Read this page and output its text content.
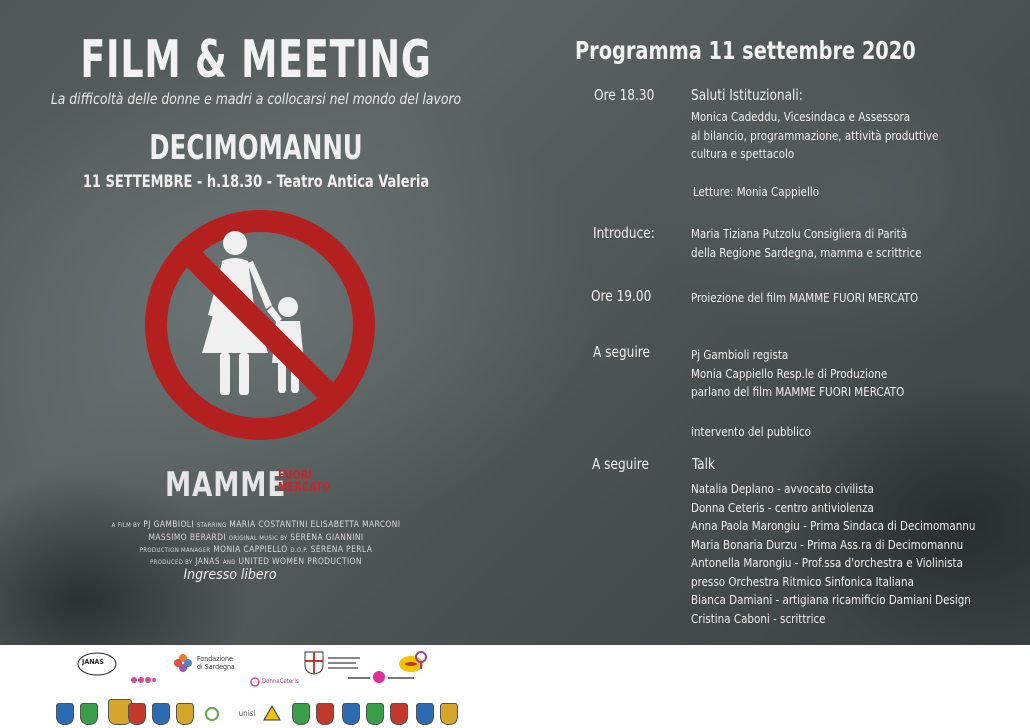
FILM & MEETING
La difficoltà delle donne e madri a collocarsi nel mondo del lavoro
DECIMOMANNU
11 SETTEMBRE - h.18.30 - Teatro Antica Valeria
MAMME
FUORI
MERCATO
A FILM BY PJ GAMBIOLI STARRING MARIA COSTANTINI ELISABETTA MARCONI
MASSIMO BERARDI ORIGINAL MUSIC BY SERENA GIANNINI
PRODUCTION MANAGER MONIA CAPPIELLO D.O.P. SERENA PERLA
PRODUCED BY JANAS AND UNITED WOMEN PRODUCTION
Ingresso libero
Programma 11 settembre 2020
Ore 18.30 Saluti Istituzionali:
Monica Cadeddu, Vicesindaca e Assessora
al bilancio, programmazione, attività produttive
cultura e spettacolo
Letture: Monia Cappiello
Introduce:	Maria Tiziana Putzolu Consigliera di Parità
della Regione Sardegna, mamma e scrittrice
Ore 19.00	Proiezione del film MAMME FUORI MERCATO
A seguire	Pj Gambioli regista
Monia Cappiello Resp.le di Produzione
parlano del film MAMME FUORI MERCATO
intervento del pubblico
A seguire	Talk
Natalia Deplano - avvocato civilista
Donna Ceteris - centro antiviolenza
Anna Paola Marongiu - Prima Sindaca di Decimomannu
Maria Bonaria Durzu - Prima Ass.ra di Decimomannu
Antonella Marongiu - Prof.ssa d'orchestra e Violinista
presso Orchestra Ritmico Sinfonica Italiana
Bianca Damiani - artigiana ricamificio Damiani Design
Cristina Caboni - scrittrice
JANAS	Fondazione
di Sardegna
DonnaCeteris
unisi
